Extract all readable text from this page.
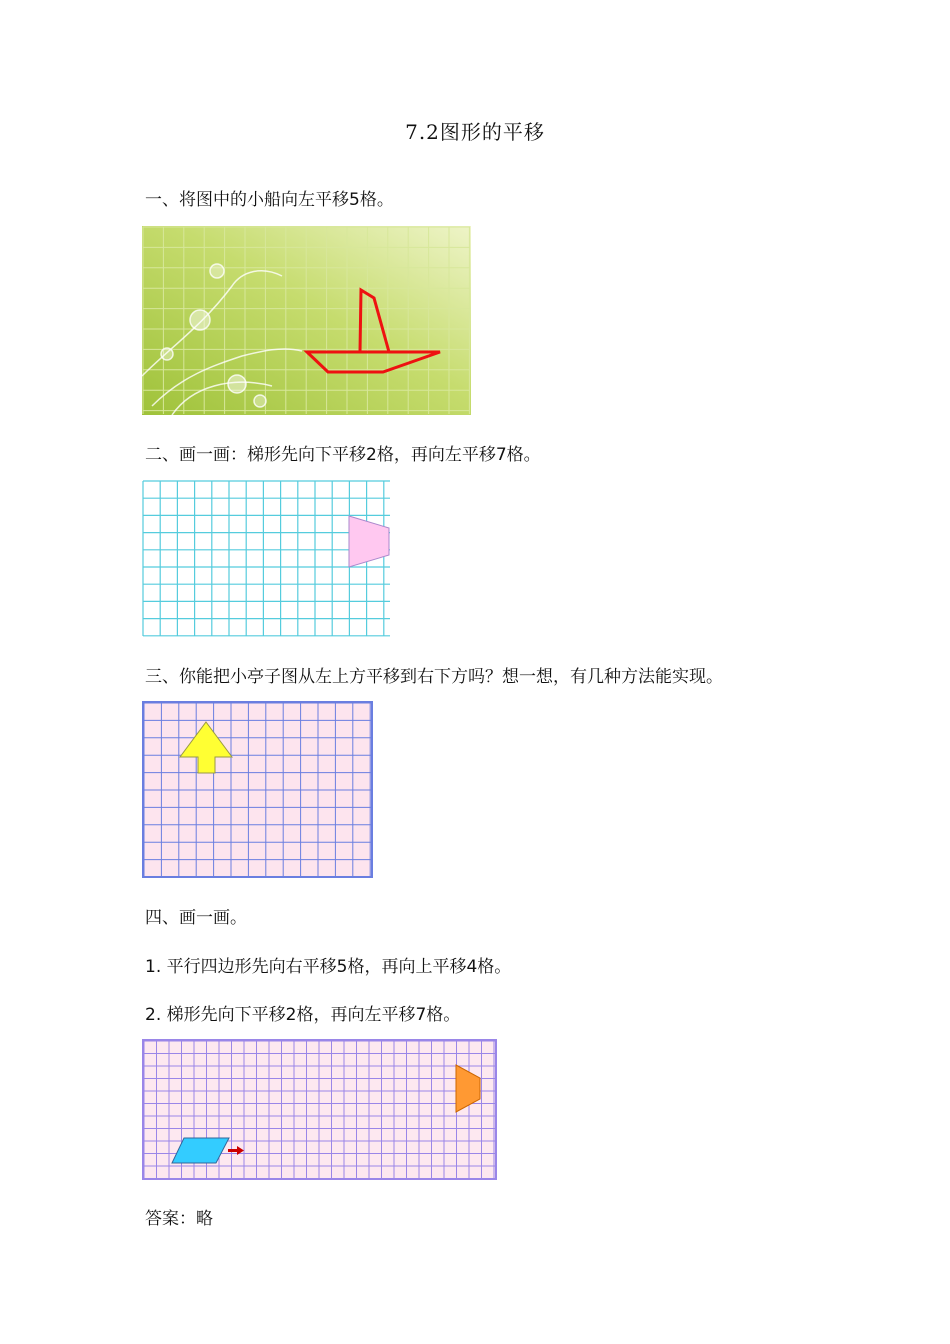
7.2图形的平移
一、将图中的小船向左平移5格。
二、画一画：梯形先向下平移2格，再向左平移7格。
三、你能把小亭子图从左上方平移到右下方吗？想一想，有几种方法能实现。
四、画一画。
1. 平行四边形先向右平移5格，再向上平移4格。
2. 梯形先向下平移2格，再向左平移7格。
答案：略
